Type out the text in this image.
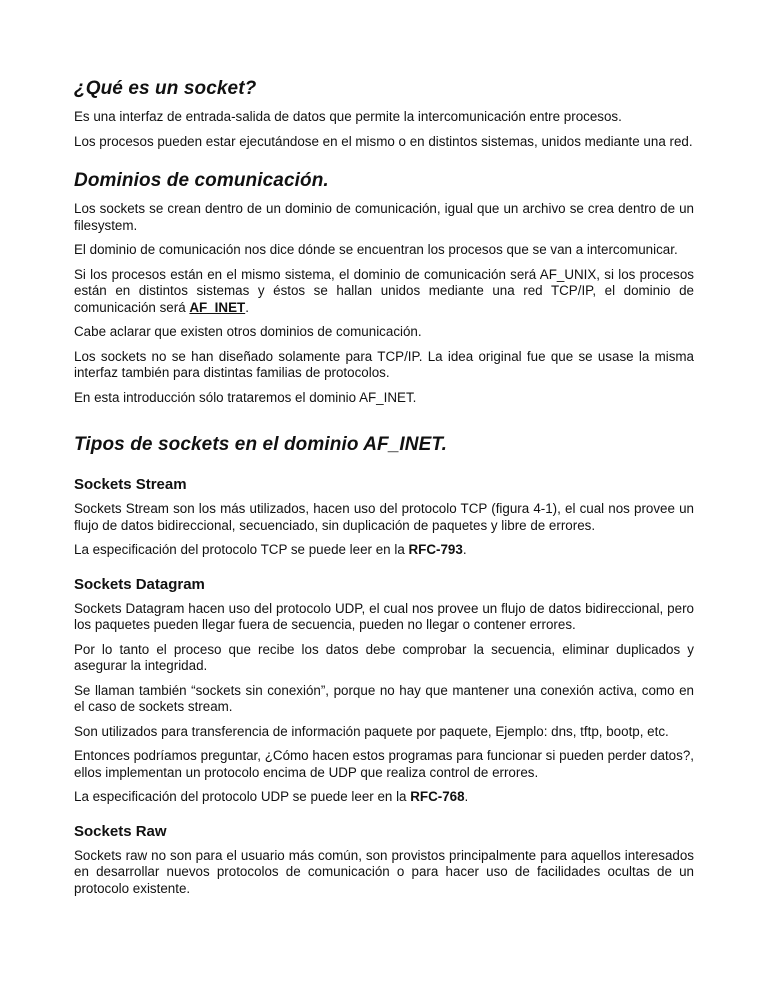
¿Qué es un socket?

Es una interfaz de entrada-salida de datos que permite la intercomunicación entre procesos.

Los procesos pueden estar ejecutándose en el mismo o en distintos sistemas, unidos mediante una red.

Dominios de comunicación.

Los sockets se crean dentro de un dominio de comunicación, igual que un archivo se crea dentro de un filesystem.

El dominio de comunicación nos dice dónde se encuentran los procesos que se van a intercomunicar.

Si los procesos están en el mismo sistema, el dominio de comunicación será AF_UNIX, si los procesos están en distintos sistemas y éstos se hallan unidos mediante una red TCP/IP, el dominio de comunicación será AF_INET.

Cabe aclarar que existen otros dominios de comunicación.

Los sockets no se han diseñado solamente para TCP/IP. La idea original fue que se usase la misma interfaz también para distintas familias de protocolos.

En esta introducción sólo trataremos el dominio AF_INET.

Tipos de sockets en el dominio AF_INET.
Sockets Stream

Sockets Stream son los más utilizados, hacen uso del protocolo TCP (figura 4-1), el cual nos provee un flujo de datos bidireccional, secuenciado, sin duplicación de paquetes y libre de errores.

La especificación del protocolo TCP se puede leer en la RFC-793.

Sockets Datagram

Sockets Datagram hacen uso del protocolo UDP, el cual nos provee un flujo de datos bidireccional, pero los paquetes pueden llegar fuera de secuencia, pueden no llegar o contener errores.

Por lo tanto el proceso que recibe los datos debe comprobar la secuencia, eliminar duplicados y asegurar la integridad.

Se llaman también “sockets sin conexión”, porque no hay que mantener una conexión activa, como en el caso de sockets stream.

Son utilizados para transferencia de información paquete por paquete, Ejemplo: dns, tftp, bootp, etc.

Entonces podríamos preguntar, ¿Cómo hacen estos programas para funcionar si pueden perder datos?, ellos implementan un protocolo encima de UDP que realiza control de errores.

La especificación del protocolo UDP se puede leer en la RFC-768.

Sockets Raw

Sockets raw no son para el usuario más común, son provistos principalmente para aquellos interesados en desarrollar nuevos protocolos de comunicación o para hacer uso de facilidades ocultas de un protocolo existente.
